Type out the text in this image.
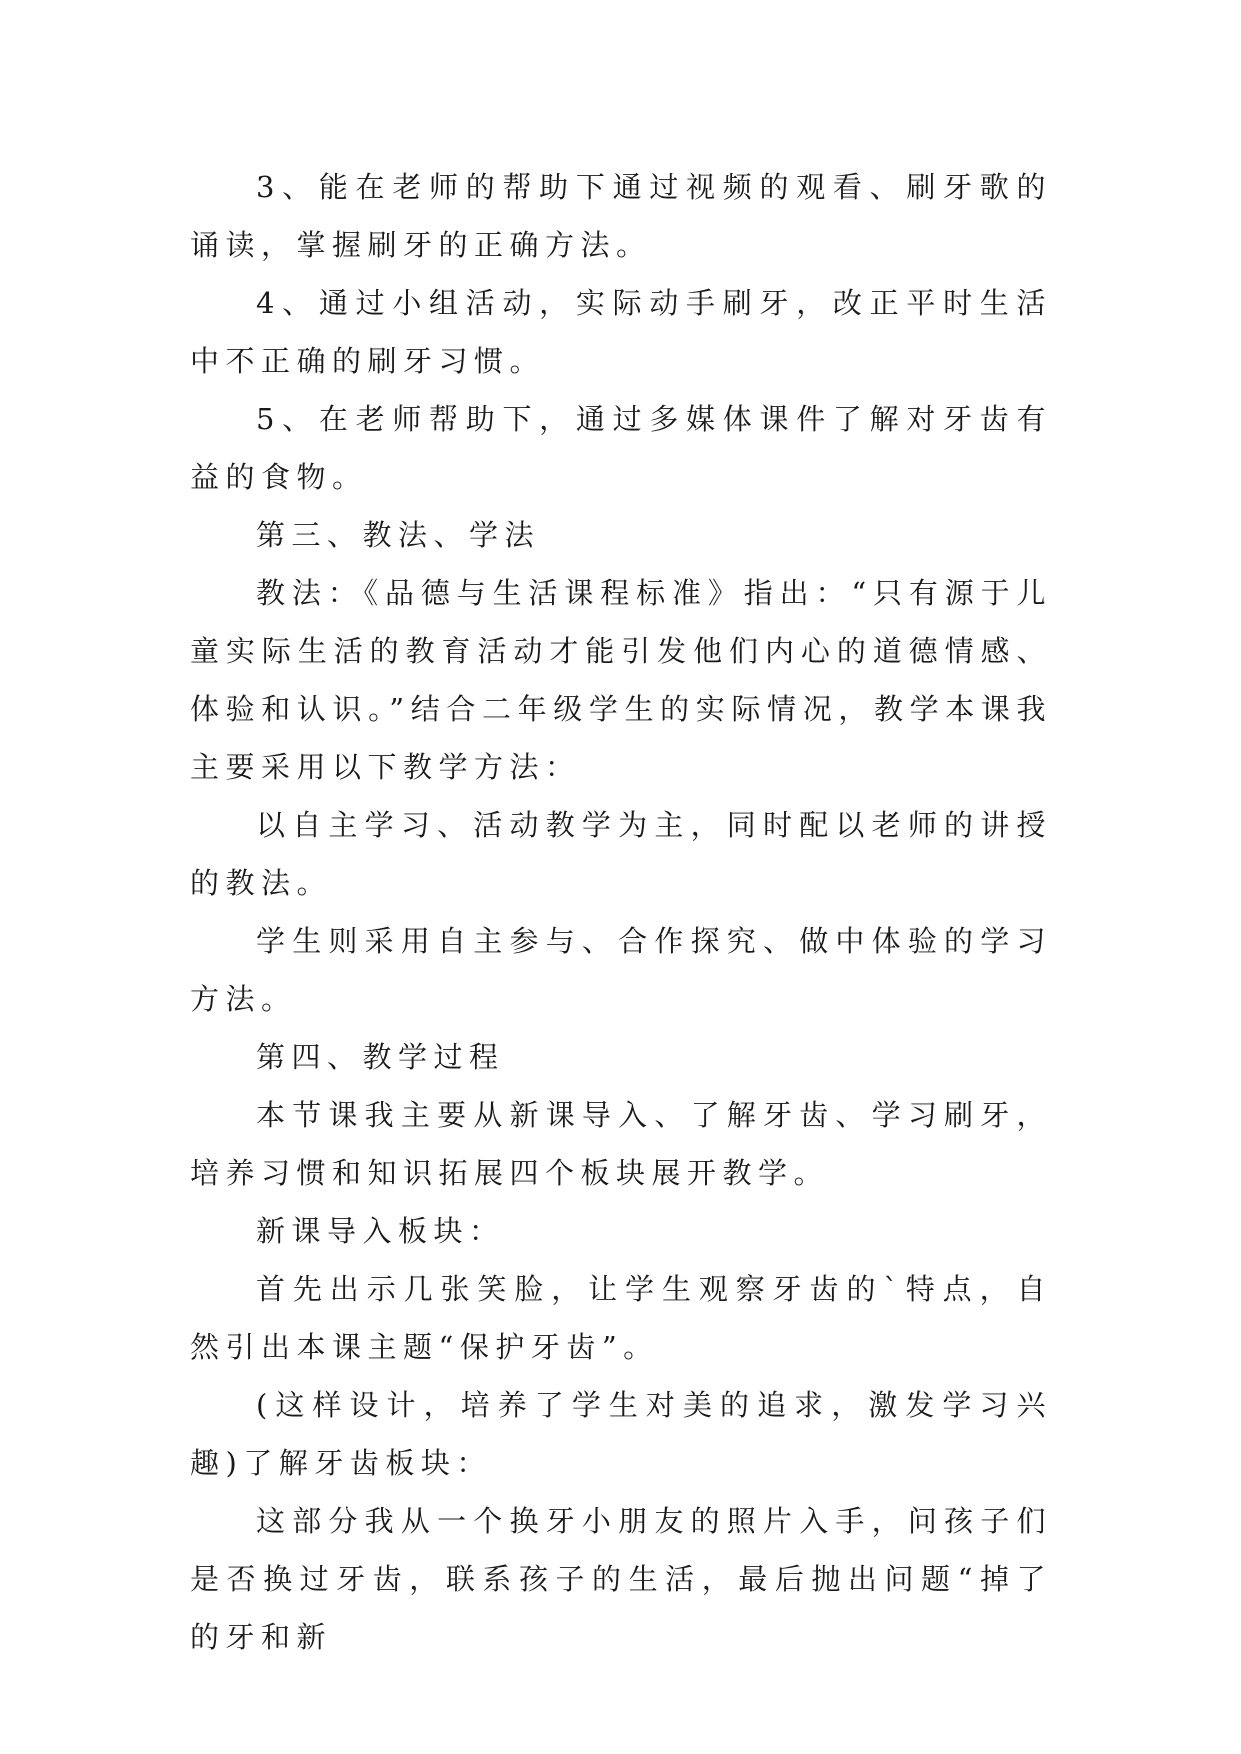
3、能在老师的帮助下通过视频的观看、刷牙歌的诵读，掌握刷牙的正确方法。

4、通过小组活动，实际动手刷牙，改正平时生活中不正确的刷牙习惯。

5、在老师帮助下，通过多媒体课件了解对牙齿有益的食物。

第三、教法、学法

教法：《品德与生活课程标准》指出：“只有源于儿童实际生活的教育活动才能引发他们内心的道德情感、体验和认识。”结合二年级学生的实际情况，教学本课我主要采用以下教学方法：

以自主学习、活动教学为主，同时配以老师的讲授的教法。

学生则采用自主参与、合作探究、做中体验的学习方法。

第四、教学过程

本节课我主要从新课导入、了解牙齿、学习刷牙，培养习惯和知识拓展四个板块展开教学。

新课导入板块：

首先出示几张笑脸，让学生观察牙齿的`特点，自然引出本课主题“保护牙齿”。

(这样设计，培养了学生对美的追求，激发学习兴趣)了解牙齿板块：

这部分我从一个换牙小朋友的照片入手，问孩子们是否换过牙齿，联系孩子的生活，最后抛出问题“掉了的牙和新
